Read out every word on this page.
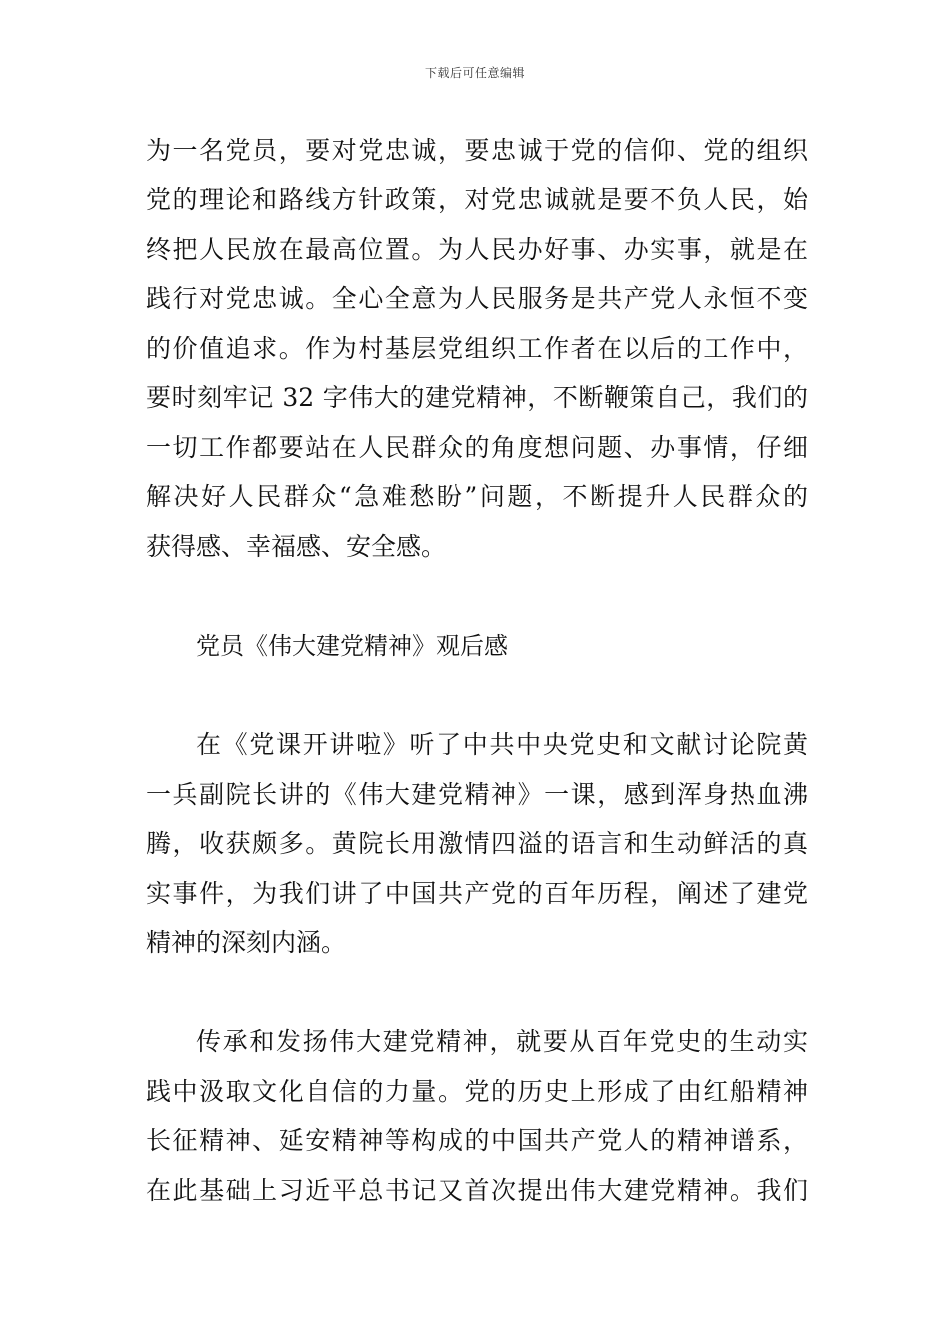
下载后可任意编辑
为一名党员，要对党忠诚，要忠诚于党的信仰、党的组织
党的理论和路线方针政策，对党忠诚就是要不负人民，始
终把人民放在最高位置。为人民办好事、办实事，就是在
践行对党忠诚。全心全意为人民服务是共产党人永恒不变
的价值追求。作为村基层党组织工作者在以后的工作中，
要时刻牢记 32 字伟大的建党精神，不断鞭策自己，我们的
一切工作都要站在人民群众的角度想问题、办事情，仔细
解决好人民群众“急难愁盼”问题，不断提升人民群众的
获得感、幸福感、安全感。
党员《伟大建党精神》观后感
在《党课开讲啦》听了中共中央党史和文献讨论院黄
一兵副院长讲的《伟大建党精神》一课，感到浑身热血沸
腾，收获颇多。黄院长用激情四溢的语言和生动鲜活的真
实事件，为我们讲了中国共产党的百年历程，阐述了建党
精神的深刻内涵。
传承和发扬伟大建党精神，就要从百年党史的生动实
践中汲取文化自信的力量。党的历史上形成了由红船精神
长征精神、延安精神等构成的中国共产党人的精神谱系，
在此基础上习近平总书记又首次提出伟大建党精神。我们
